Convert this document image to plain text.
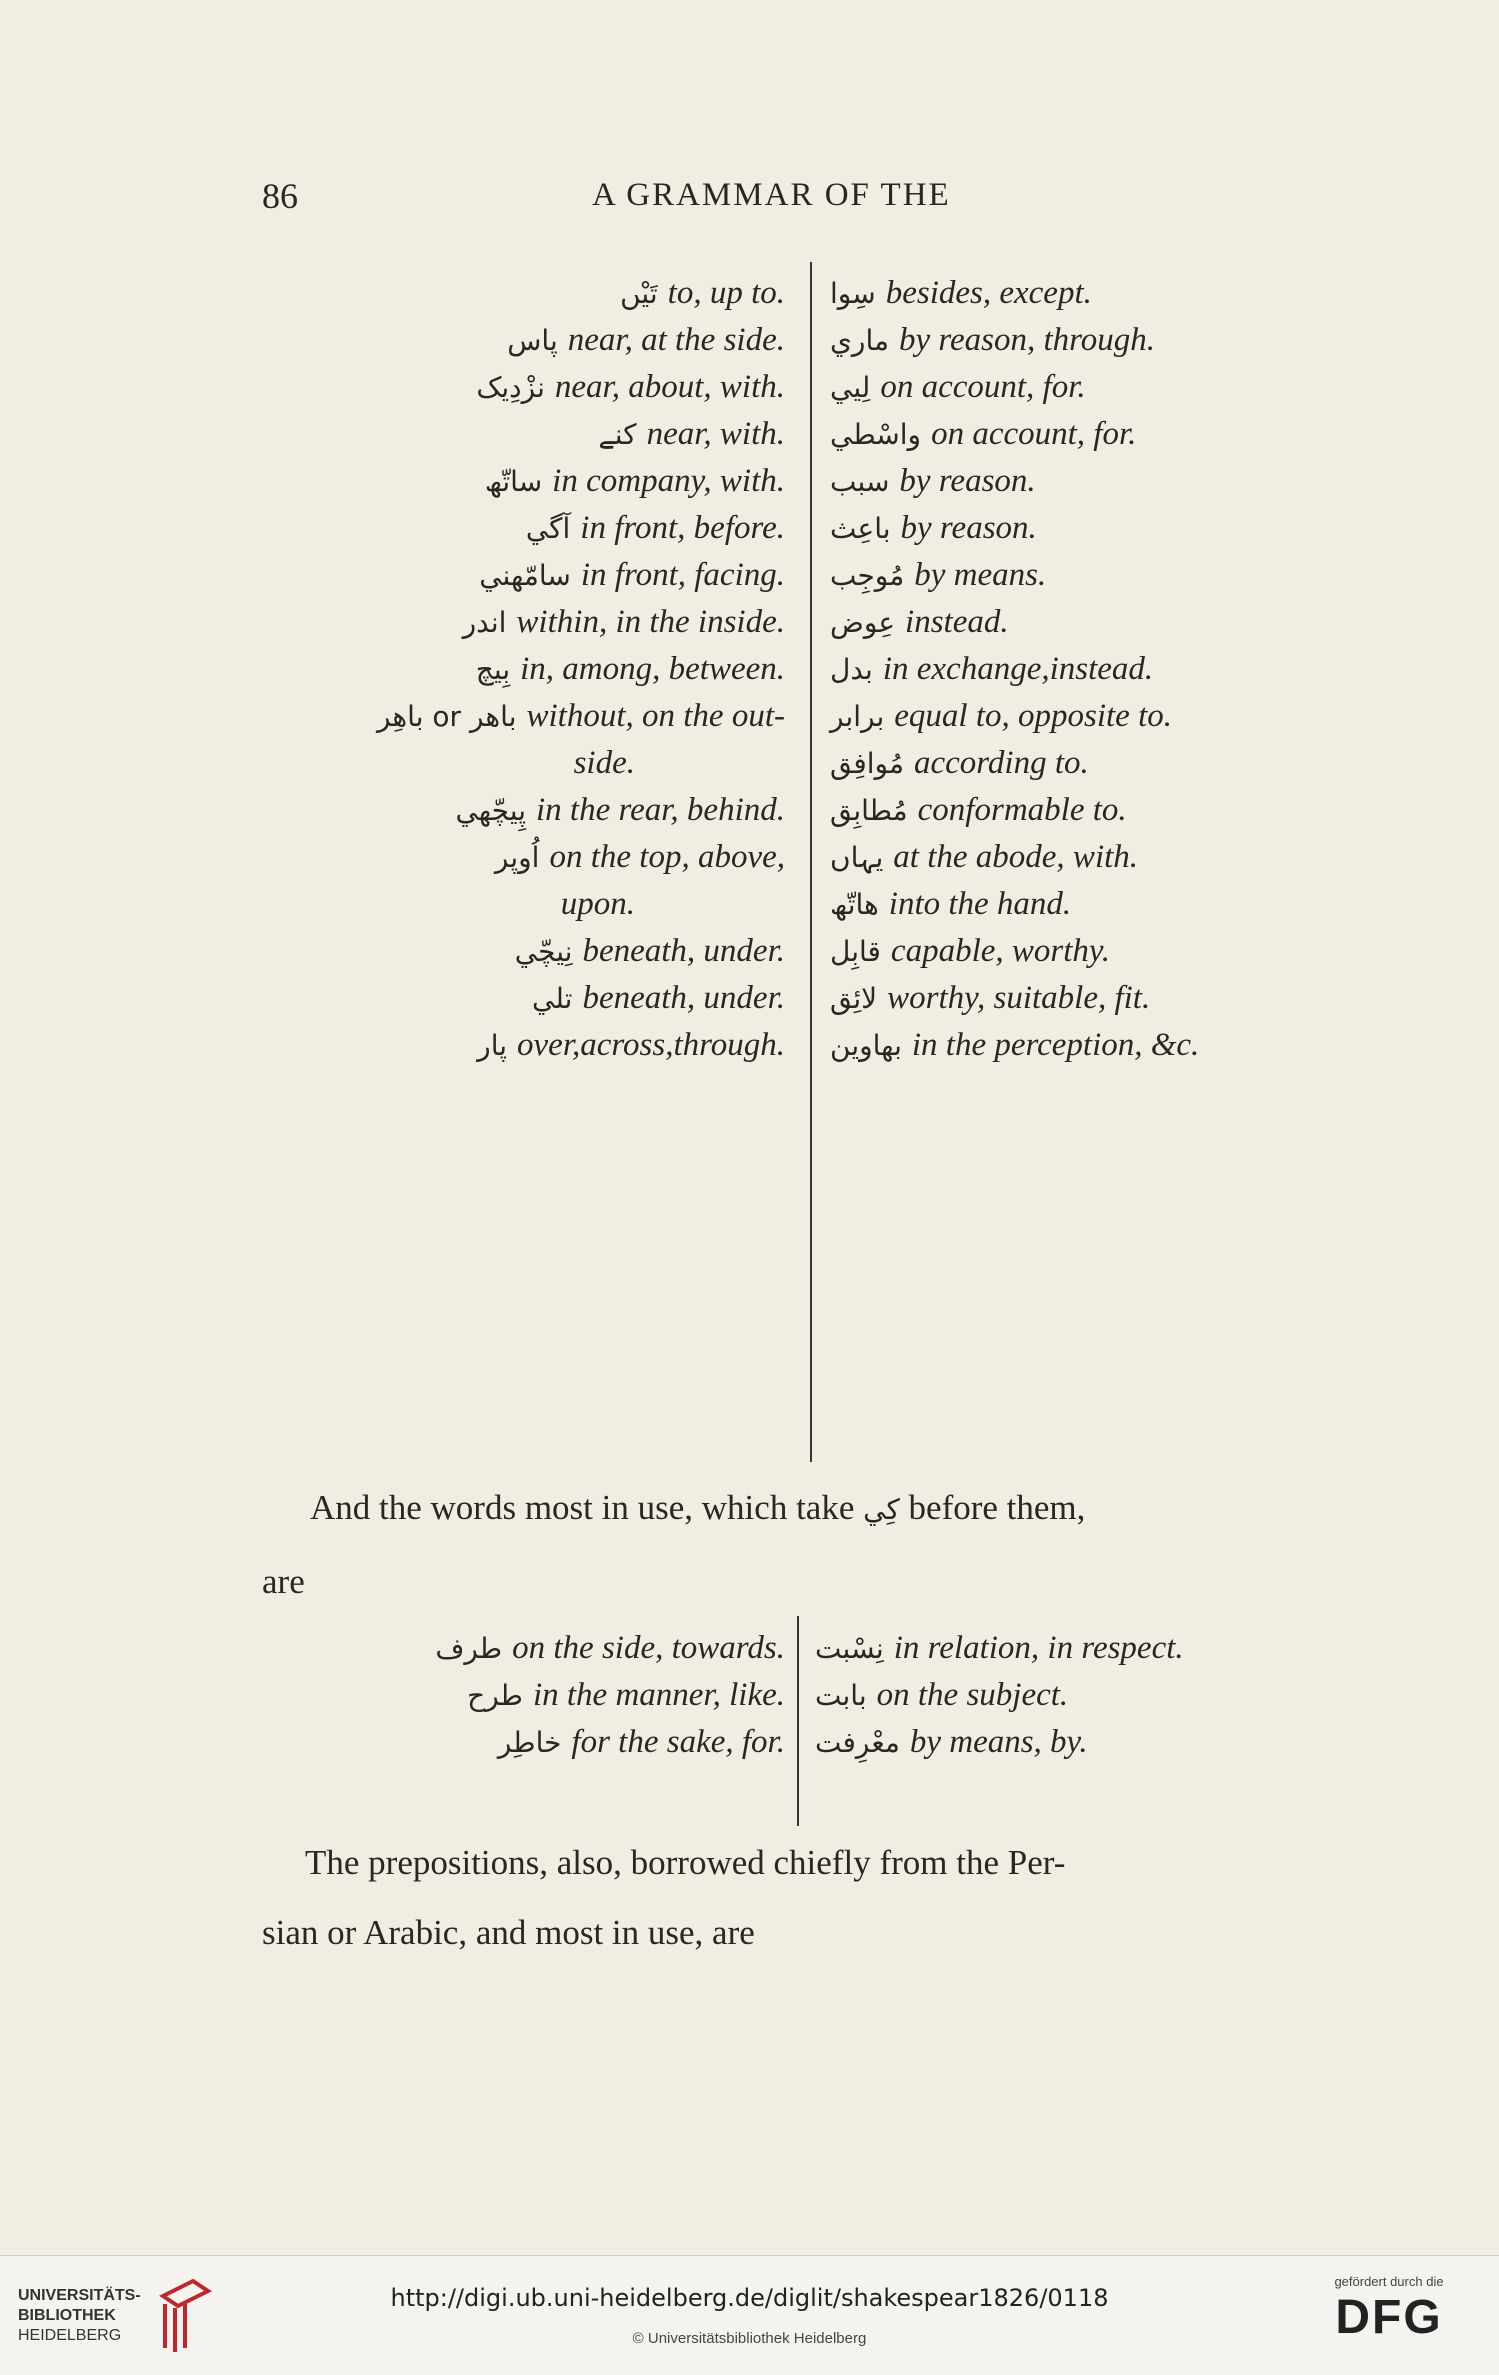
86	A GRAMMAR OF THE
تَيْں to, up to.
پاس near, at the side.
نزْدِيک near, about, with.
کنے near, with.
ساتّھ in company, with.
آگي in front, before.
سامّھني in front, facing.
اندر within, in the inside.
بِيچ in, among, between.
باهِر or باهر without, on the out-
side.
پِيچّھي in the rear, behind.
اُوپر on the top, above,
upon.
نِيچّي beneath, under.
تلي beneath, under.
پار over,across,through.
سِوا besides, except.
ماري by reason, through.
لِيي on account, for.
واسْطي on account, for.
سبب by reason.
باعِث by reason.
مُوجِب by means.
عِوض instead.
بدل in exchange,instead.
برابر equal to, opposite to.
مُوافِق according to.
مُطابِق conformable to.
يہاں at the abode, with.
هاتّھ into the hand.
قابِل capable, worthy.
لائِق worthy, suitable, fit.
بهاوين in the perception, &c.
And the words most in use, which take کِي before them,
are
طرف on the side, towards.
طرح in the manner, like.
خاطِر for the sake, for.
نِسْبت in relation, in respect.
بابت on the subject.
معْرِفت by means, by.
The prepositions, also, borrowed chiefly from the Per-
sian or Arabic, and most in use, are
UNIVERSITÄTS-
BIBLIOTHEK
HEIDELBERG
http://digi.ub.uni-heidelberg.de/diglit/shakespear1826/0118
© Universitätsbibliothek Heidelberg
gefördert durch die
DFG
